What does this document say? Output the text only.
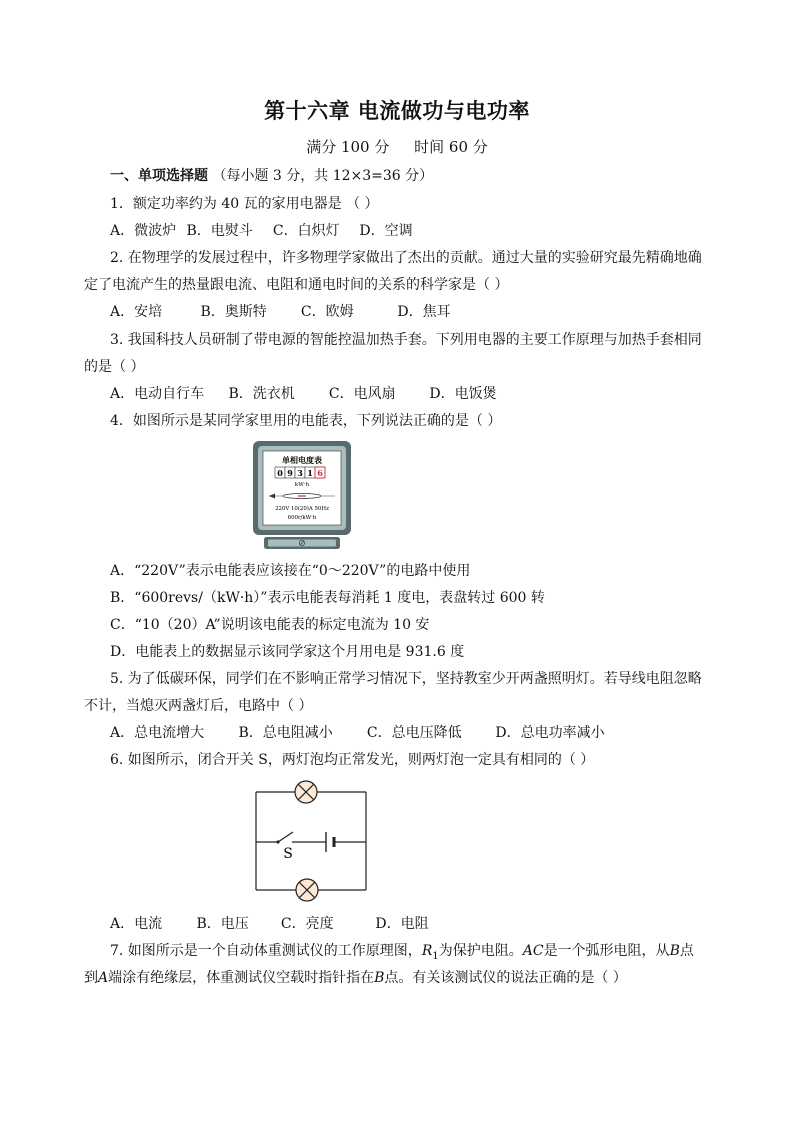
第十六章 电流做功与电功率
满分 100 分 时间 60 分
一、单项选择题 （每小题 3 分，共 12×3=36 分）
1．额定功率约为 40 瓦的家用电器是 （ ）
A．微波炉 B．电熨斗 C．白炽灯 D．空调
2. 在物理学的发展过程中，许多物理学家做出了杰出的贡献。通过大量的实验研究最先精确地确
定了电流产生的热量跟电流、电阻和通电时间的关系的科学家是（ ）
A．安培	B．奥斯特 C．欧姆	D．焦耳
3. 我国科技人员研制了带电源的智能控温加热手套。下列用电器的主要工作原理与加热手套相同
的是（ ）
A．电动自行车 B．洗衣机 C．电风扇 D．电饭煲
4．如图所示是某同学家里用的电能表，下列说法正确的是（ ）
单相电度表
0 9 3 1 6
kW·h
220V 10(20)A 50Hz
600r/kW·h
A．“220V”表示电能表应该接在“0～220V”的电路中使用
B．“600revs/（kW·h）”表示电能表每消耗 1 度电，表盘转过 600 转
C．“10（20）A”说明该电能表的标定电流为 10 安
D．电能表上的数据显示该同学家这个月用电是 931.6 度
5. 为了低碳环保，同学们在不影响正常学习情况下，坚持教室少开两盏照明灯。若导线电阻忽略
不计，当熄灭两盏灯后，电路中（ ）
A．总电流增大 B．总电阻减小 C．总电压降低 D．总电功率减小
6. 如图所示，闭合开关 S，两灯泡均正常发光，则两灯泡一定具有相同的（ ）
S
A．电流 B．电压 C．亮度	D．电阻
7. 如图所示是一个自动体重测试仪的工作原理图，$R_1$为保护电阻。AC是一个弧形电阻，从B点
到A端涂有绝缘层，体重测试仪空载时指针指在B点。有关该测试仪的说法正确的是（ ）
